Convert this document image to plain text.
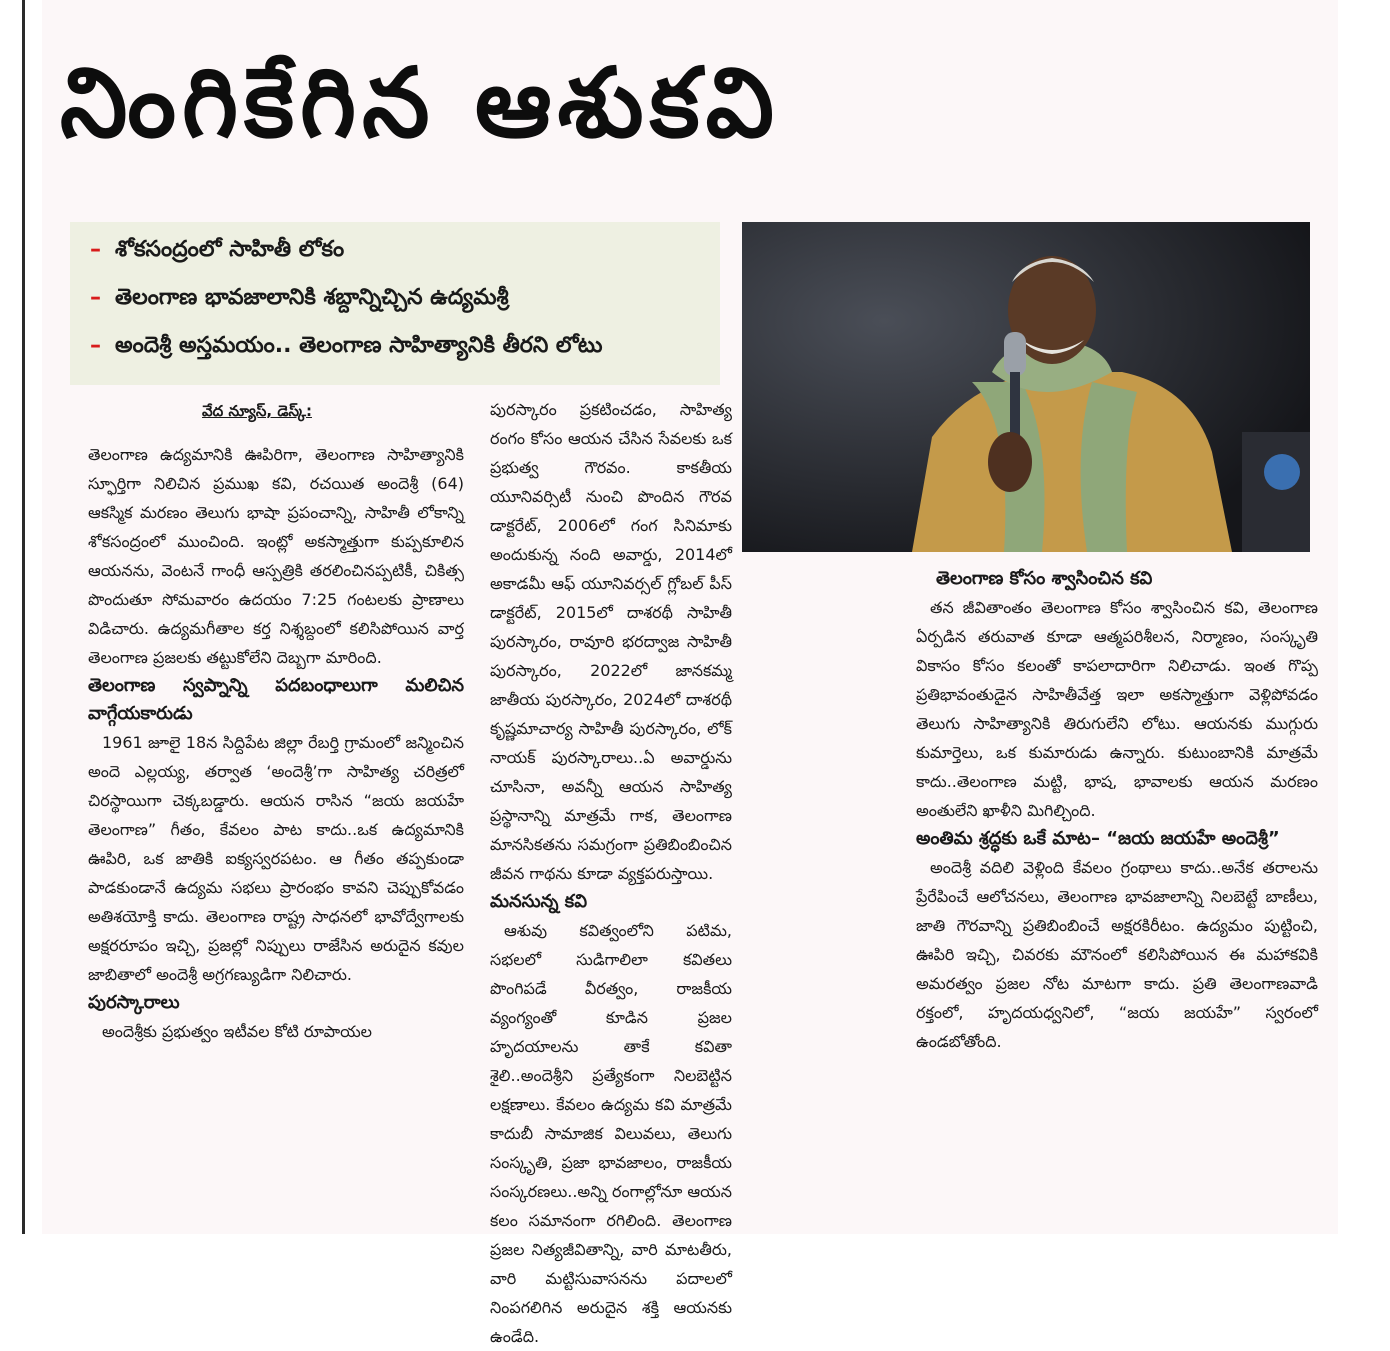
నింగికేగిన ఆశుకవి
– శోకసంద్రంలో సాహితీ లోకం
– తెలంగాణ భావజాలానికి శబ్దాన్నిచ్చిన ఉద్యమశ్రీ
– అందెశ్రీ అస్తమయం.. తెలంగాణ సాహిత్యానికి తీరని లోటు
వేద న్యూస్, డెస్క్:

తెలంగాణ ఉద్యమానికి ఊపిరిగా, తెలంగాణ సాహిత్యానికి స్ఫూర్తిగా నిలిచిన ప్రముఖ కవి, రచయిత అందెశ్రీ (64) ఆకస్మిక మరణం తెలుగు భాషా ప్రపంచాన్ని, సాహితీ లోకాన్ని శోకసంద్రంలో ముంచింది. ఇంట్లో అకస్మాత్తుగా కుప్పకూలిన ఆయనను, వెంటనే గాంధీ ఆస్పత్రికి తరలించినప్పటికీ, చికిత్స పొందుతూ సోమవారం ఉదయం 7:25 గంటలకు ప్రాణాలు విడిచారు. ఉద్యమగీతాల కర్త నిశ్శబ్దంలో కలిసిపోయిన వార్త తెలంగాణ ప్రజలకు తట్టుకోలేని దెబ్బగా మారింది.

తెలంగాణ స్వప్నాన్ని పదబంధాలుగా మలిచిన వాగ్గేయకారుడు

1961 జూలై 18న సిద్దిపేట జిల్లా రేబర్తి గ్రామంలో జన్మించిన అందె ఎల్లయ్య, తర్వాత ‘అందెశ్రీ’గా సాహిత్య చరిత్రలో చిరస్థాయిగా చెక్కబడ్డారు. ఆయన రాసిన “జయ జయహే తెలంగాణ” గీతం, కేవలం పాట కాదు..ఒక ఉద్యమానికి ఊపిరి, ఒక జాతికి ఐక్యస్వరపటం. ఆ గీతం తప్పకుండా పాడకుండానే ఉద్యమ సభలు ప్రారంభం కావని చెప్పుకోవడం అతిశయోక్తి కాదు. తెలంగాణ రాష్ట్ర సాధనలో భావోద్వేగాలకు అక్షరరూపం ఇచ్చి, ప్రజల్లో నిప్పులు రాజేసిన అరుదైన కవుల జాబితాలో అందెశ్రీ అగ్రగణ్యుడిగా నిలిచారు.

పురస్కారాలు

అందెశ్రీకు ప్రభుత్వం ఇటీవల కోటి రూపాయల

పురస్కారం ప్రకటించడం, సాహిత్య రంగం కోసం ఆయన చేసిన సేవలకు ఒక ప్రభుత్వ గౌరవం. కాకతీయ యూనివర్సిటీ నుంచి పొందిన గౌరవ డాక్టరేట్, 2006లో గంగ సినిమాకు అందుకున్న నంది అవార్డు, 2014లో అకాడమీ ఆఫ్ యూనివర్సల్ గ్లోబల్ పీస్ డాక్టరేట్, 2015లో దాశరథీ సాహితీ పురస్కారం, రావూరి భరద్వాజ సాహితీ పురస్కారం, 2022లో జానకమ్మ జాతీయ పురస్కారం, 2024లో దాశరథీ కృష్ణమాచార్య సాహితీ పురస్కారం, లోక్ నాయక్ పురస్కారాలు..ఏ అవార్డును చూసినా, అవన్నీ ఆయన సాహిత్య ప్రస్థానాన్ని మాత్రమే గాక, తెలంగాణ మానసికతను సమగ్రంగా ప్రతిబింబించిన జీవన గాథను కూడా వ్యక్తపరుస్తాయి.

మనసున్న కవి

ఆశువు కవిత్వంలోని పటిమ, సభలలో సుడిగాలిలా కవితలు పొంగిపడే వీరత్వం, రాజకీయ వ్యంగ్యంతో కూడిన ప్రజల హృదయాలను తాకే కవితా శైలి..అందెశ్రీని ప్రత్యేకంగా నిలబెట్టిన లక్షణాలు. కేవలం ఉద్యమ కవి మాత్రమే కాదుబీ సామాజిక విలువలు, తెలుగు సంస్కృతి, ప్రజా భావజాలం, రాజకీయ సంస్కరణలు..అన్ని రంగాల్లోనూ ఆయన కలం సమానంగా రగిలింది. తెలంగాణ ప్రజల నిత్యజీవితాన్ని, వారి మాటతీరు, వారి మట్టిసువాసనను పదాలలో నింపగలిగిన అరుదైన శక్తి ఆయనకు ఉండేది.

తెలంగాణ కోసం శ్వాసించిన కవి

తన జీవితాంతం తెలంగాణ కోసం శ్వాసించిన కవి, తెలంగాణ ఏర్పడిన తరువాత కూడా ఆత్మపరిశీలన, నిర్మాణం, సంస్కృతి వికాసం కోసం కలంతో కాపలాదారిగా నిలిచాడు. ఇంత గొప్ప ప్రతిభావంతుడైన సాహితీవేత్త ఇలా అకస్మాత్తుగా వెళ్లిపోవడం తెలుగు సాహిత్యానికి తిరుగులేని లోటు. ఆయనకు ముగ్గురు కుమార్తెలు, ఒక కుమారుడు ఉన్నారు. కుటుంబానికి మాత్రమే కాదు..తెలంగాణ మట్టి, భాష, భావాలకు ఆయన మరణం అంతులేని ఖాళీని మిగిల్చింది.

అంతిమ శ్రద్ధకు ఒకే మాట– “జయ జయహే అందెశ్రీ”

అందెశ్రీ వదిలి వెళ్లింది కేవలం గ్రంథాలు కాదు..అనేక తరాలను ప్రేరేపించే ఆలోచనలు, తెలంగాణ భావజాలాన్ని నిలబెట్టే బాణీలు, జాతి గౌరవాన్ని ప్రతిబింబించే అక్షరకిరీటం. ఉద్యమం పుట్టించి, ఊపిరి ఇచ్చి, చివరకు మౌనంలో కలిసిపోయిన ఈ మహాకవికి అమరత్వం ప్రజల నోట మాటగా కాదు. ప్రతి తెలంగాణవాడి రక్తంలో, హృదయధ్వనిలో, “జయ జయహే” స్వరంలో ఉండబోతోంది.
